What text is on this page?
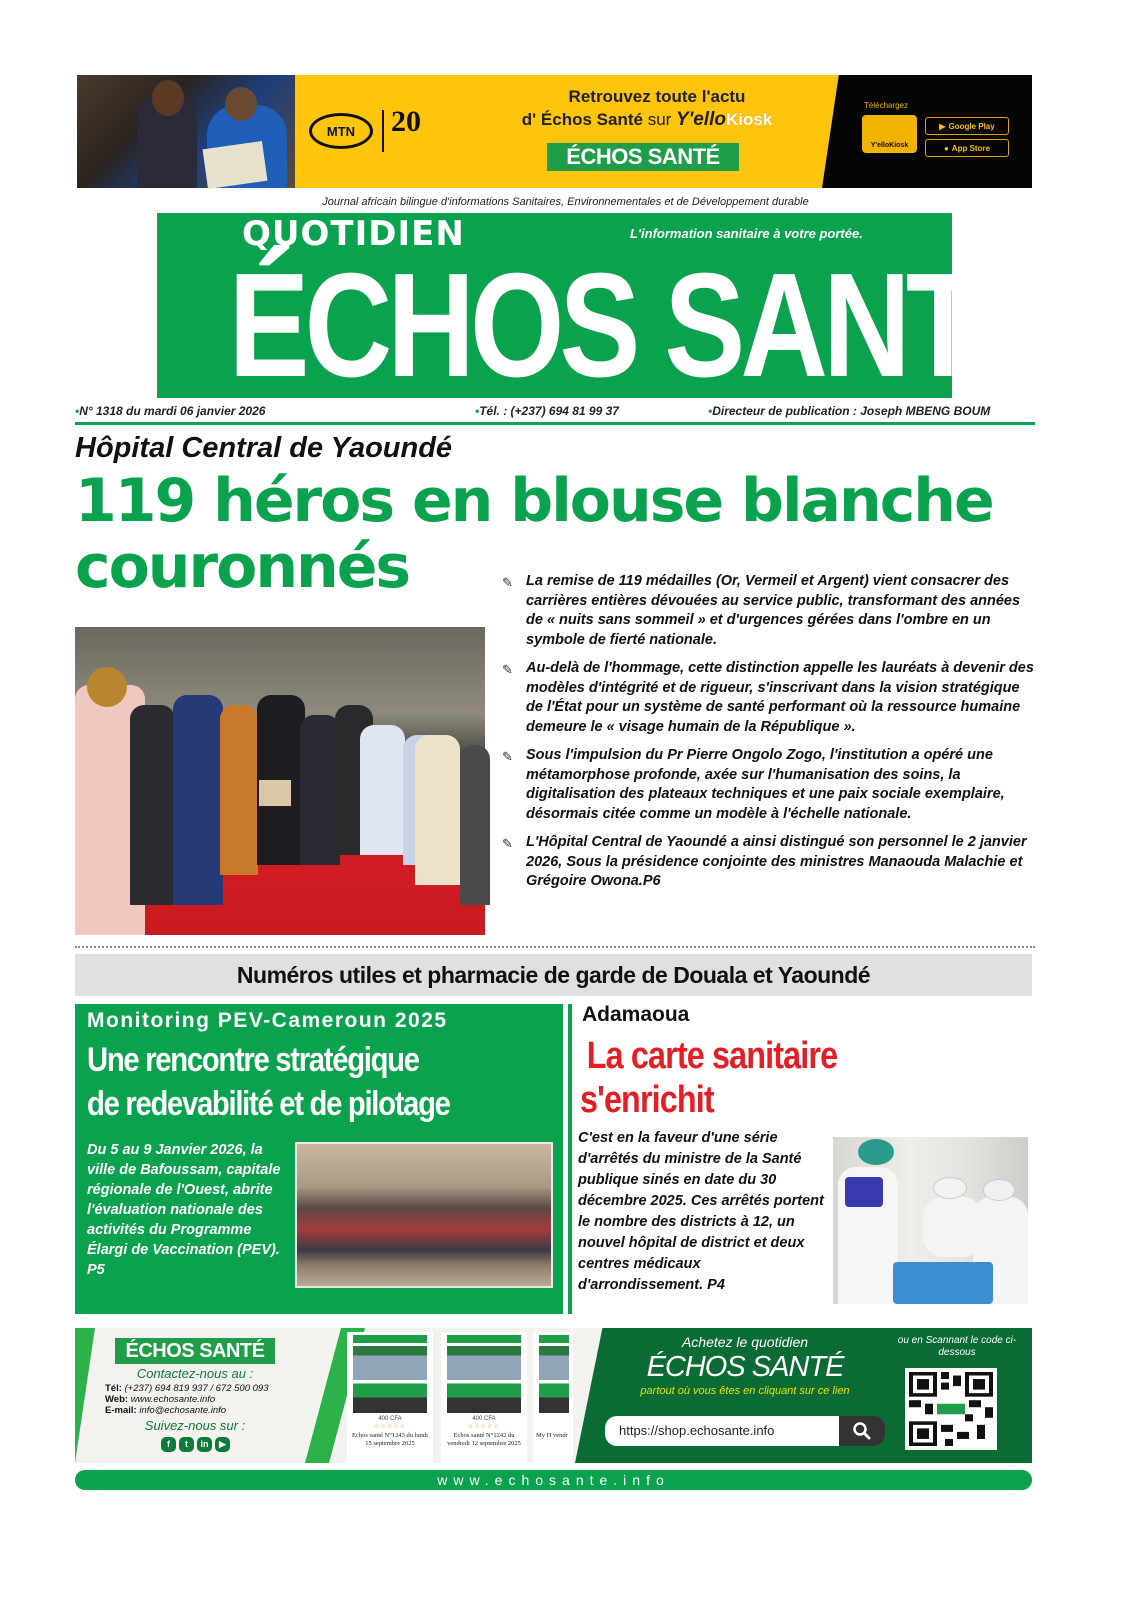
MTN 20
Retrouvez toute l'actu
d' Échos Santé sur Y'elloKiosk
ÉCHOS SANTÉ
Téléchargez
Y'elloKiosk
▶ Google Play
● App Store
Journal africain bilingue d'informations Sanitaires, Environnementales et de Développement durable
QUOTIDIEN	L'information sanitaire à votre portée.
ÉCHOS SANTÉ
•N° 1318 du mardi 06 janvier 2026	•Tél. : (+237) 694 81 99 37	•Directeur de publication : Joseph MBENG BOUM
Hôpital Central de Yaoundé
119 héros en blouse blanche
couronnés	✎ La remise de 119 médailles (Or, Vermeil et Argent) vient consacrer des carrières entières dévouées au service public, transformant des années de « nuits sans sommeil » et d'urgences gérées dans l'ombre en un symbole de fierté nationale.
✎ Au-delà de l'hommage, cette distinction appelle les lauréats à devenir des modèles d'intégrité et de rigueur, s'inscrivant dans la vision stratégique de l'État pour un système de santé performant où la ressource humaine demeure le « visage humain de la République ».
✎ Sous l'impulsion du Pr Pierre Ongolo Zogo, l'institution a opéré une métamorphose profonde, axée sur l'humanisation des soins, la digitalisation des plateaux techniques et une paix sociale exemplaire, désormais citée comme un modèle à l'échelle nationale.
✎ L'Hôpital Central de Yaoundé a ainsi distingué son personnel le 2 janvier 2026, Sous la présidence conjointe des ministres Manaouda Malachie et Grégoire Owona.P6
Numéros utiles et pharmacie de garde de Douala et Yaoundé
Monitoring PEV-Cameroun 2025
Une rencontre stratégique
de redevabilité et de pilotage
Du 5 au 9 Janvier 2026, la ville de Bafoussam, capitale régionale de l'Ouest, abrite l'évaluation nationale des activités du Programme Élargi de Vaccination (PEV). P5
Adamaoua
La carte sanitaire
s'enrichit
C'est en la faveur d'une série d'arrêtés du ministre de la Santé publique sinés en date du 30 décembre 2025. Ces arrêtés portent le nombre des districts à 12, un nouvel hôpital de district et deux centres médicaux d'arrondissement. P4
ÉCHOS SANTÉ
Contactez-nous au :
Tél: (+237) 694 819 937 / 672 500 093
Web: www.echosante.info
E-mail: info@echosante.info
Suivez-nous sur :
f	t	in	▶
400 CFA
☆☆☆☆☆
Echos santé N°1243 du lundi 15 septembre 2025
400 CFA
☆☆☆☆☆
Echos santé N°1242 du vendredi 12 septembre 2025
My H vendr
Achetez le quotidien
ÉCHOS SANTÉ
partout où vous êtes en cliquant sur ce lien
https://shop.echosante.info
ou en Scannant le code ci-dessous
www.echosante.info
